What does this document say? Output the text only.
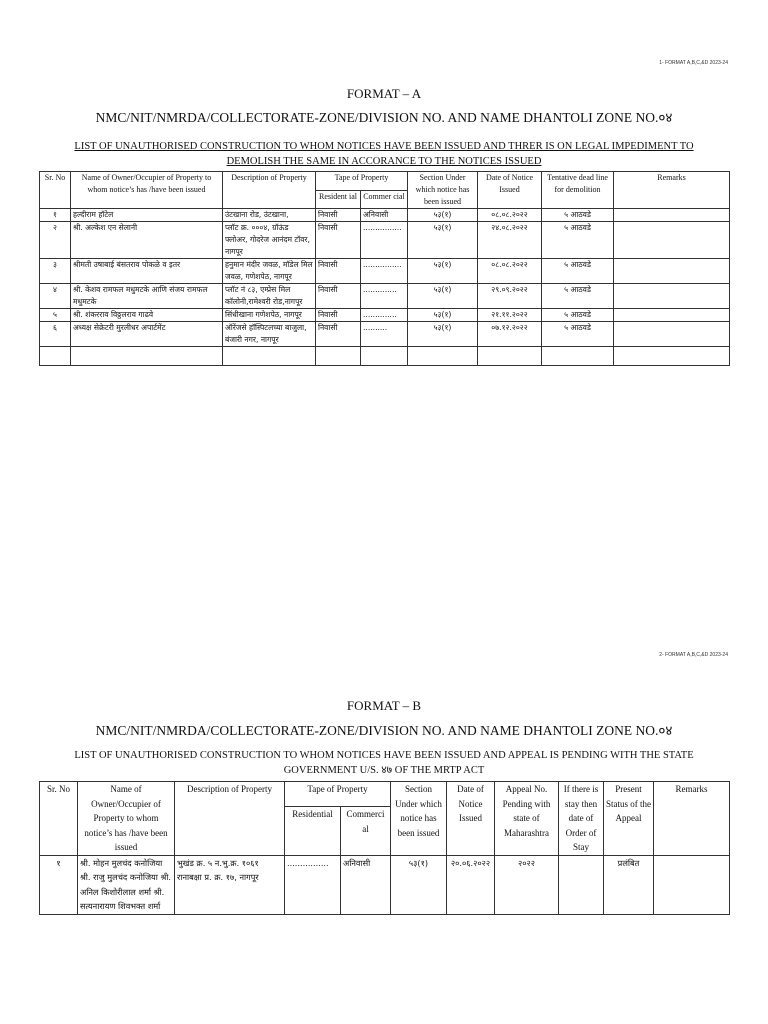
1- FORMAT A,B,C,&D 2023-24
FORMAT – A
NMC/NIT/NMRDA/COLLECTORATE-ZONE/DIVISION NO. AND NAME DHANTOLI ZONE NO.०४
LIST OF UNAUTHORISED CONSTRUCTION TO WHOM NOTICES HAVE BEEN ISSUED AND THRER IS ON LEGAL IMPEDIMENT TO
DEMOLISH THE SAME IN ACCORANCE TO THE NOTICES ISSUED
Sr. No	Name of Owner/Occupier of Property to whom notice’s has /have been issued	Description of Property	Tape of Property		Section Under which notice has been issued	Date of Notice Issued	Tentative dead line for demolition	Remarks
			Resident ial	Commer cial				
१	हल्दीराम हॉटेल	उंटखाना रोड, उंटखाना,	निवासी	अनिवासी	५३(१)	०८.०८.२०२२	५ आठवडे	
२	श्री. अल्केश एन सेलानी	प्लॉट क्र. ०००४, ग्रॉऊंड फ्लोअर, गोदरेज आनंदम टॉवर, नागपूर	निवासी	................	५३(१)	२४.०८.२०२२	५ आठवडे	
३	श्रीमती उषाबाई बंसतराव पोकळे व इतर	हनुमान मंदीर जवळ, मॉडेल मिल जवळ, गणेशपेठ, नागपूर	निवासी	................	५३(१)	०८.०८.२०२२	५ आठवडे	
४	श्री. केशव रामफल मधुमटके आणि संजय रामफल मधुमटके	प्लॉट नं ८३, एम्प्रेस मिल कॉलोनी,रामेश्वरी रोड,नागपूर	निवासी	..............	५३(१)	२९.०९.२०२२	५ आठवडे	
५	श्री. शंकरराव विठ्ठलराव गाढवे	सिंधीखाना गणेशपेठ, नागपूर	निवासी	..............	५३(१)	२१.११.२०२२	५ आठवडे	
६	अध्यक्ष सेक्रेटरी मुरलीधर अपार्टमेंट	ऑरेंजसे हॉस्पिटलच्या बाजुला, बंजारी नगर, नागपूर	निवासी	..........	५३(१)	०७.१२.२०२२	५ आठवडे	

2- FORMAT A,B,C,&D 2023-24
FORMAT – B
NMC/NIT/NMRDA/COLLECTORATE-ZONE/DIVISION NO. AND NAME DHANTOLI ZONE NO.०४
LIST OF UNAUTHORISED CONSTRUCTION TO WHOM NOTICES HAVE BEEN ISSUED AND APPEAL IS PENDING WITH THE STATE
GOVERNMENT U/S. ४७ OF THE MRTP ACT
Sr. No	Name of Owner/Occupier of Property to whom notice’s has /have been issued	Description of Property	Tape of Property		Section Under which notice has been issued	Date of Notice Issued	Appeal No. Pending with state of Maharashtra	If there is stay then date of Order of Stay	Present Status of the Appeal	Remarks
			Residential	Commerci al						
१	श्री. मोहन मुलचंद कनोजिया श्री. राजु मुलचंद कनोजिया श्री. अनिल किशोरीलाल शर्मा श्री. सत्यनारायण शिवभक्त शर्मा	भुखंड क्र. ५ न.भु.क्र. १०६१ रानाबक्षा प्र. क्र. १७, नागपूर	................	अनिवासी	५३(१)	२०.०६.२०२२	२०२२		प्रलंबित	
